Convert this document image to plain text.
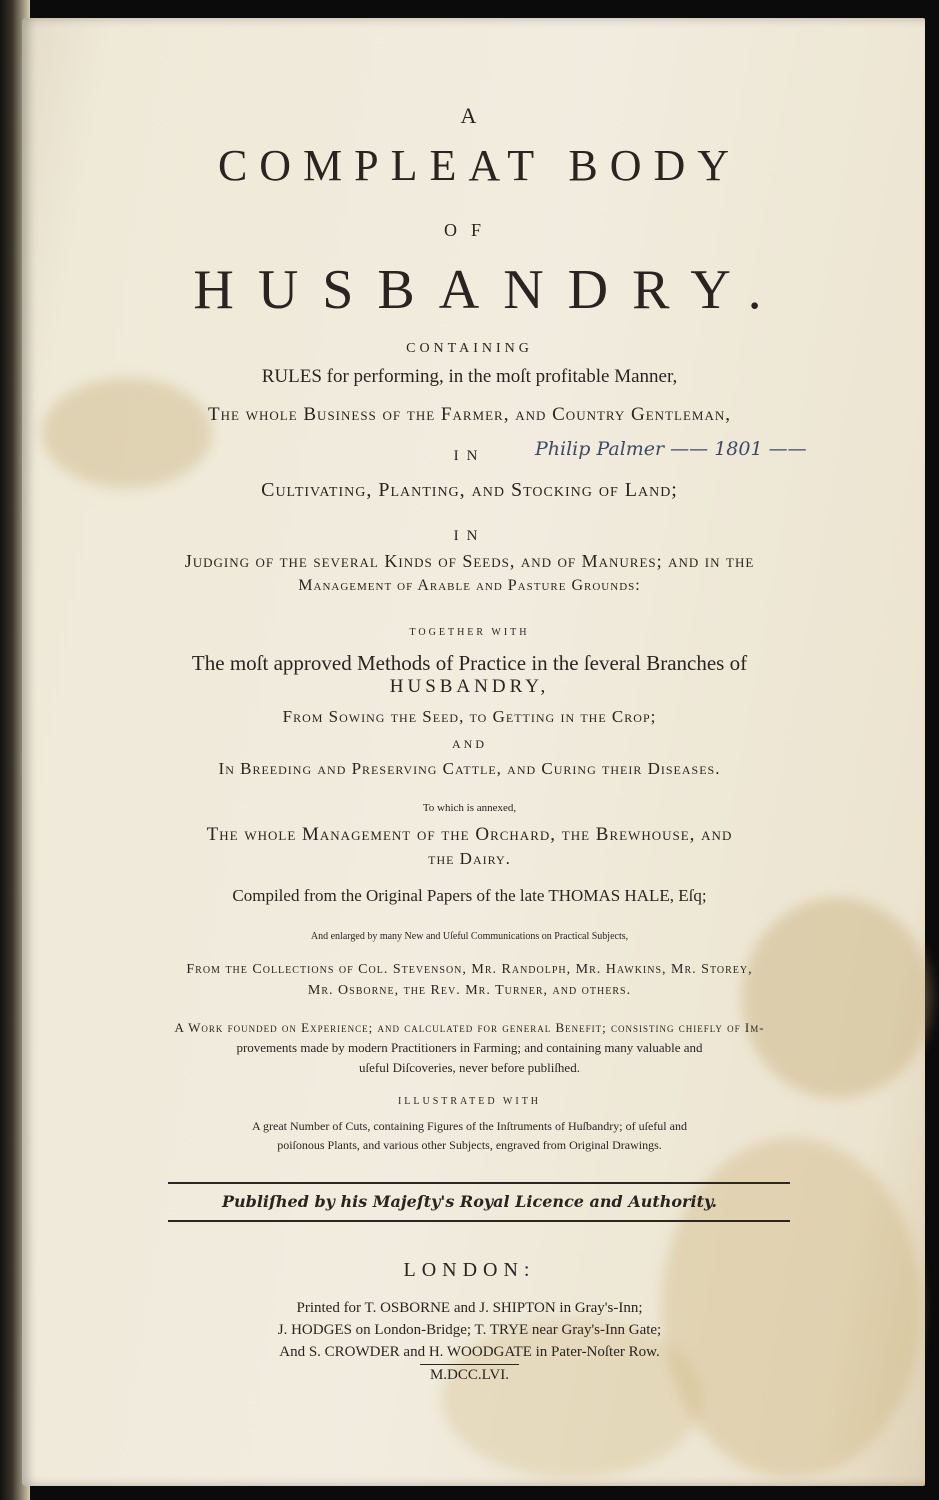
A
COMPLEAT BODY
OF
HUSBANDRY.
CONTAINING
RULES for performing, in the moſt profitable Manner,
The whole Buſineſs of the Farmer, and Country Gentleman,
IN	Philip Palmer —— 1801 ——
Cultivating, Planting, and Stocking of Land;
IN
Judging of the ſeveral Kinds of Seeds, and of Manures; and in the
Management of Arable and Paſture Grounds:
TOGETHER WITH
The moſt approved Methods of Practice in the ſeveral Branches of
HUSBANDRY,
From Sowing the Seed, to Getting in the Crop;
AND
In Breeding and Preſerving Cattle, and Curing their Diseases.
To which is annexed,
The whole Management of the Orchard, the Brewhouse, and
the Dairy.
Compiled from the Original Papers of the late THOMAS HALE, Eſq;
And enlarged by many New and Uſeful Communications on Practical Subjects,
From the Collections of Col. Stevenson, Mr. Randolph, Mr. Hawkins, Mr. Storey,
Mr. Osborne, the Rev. Mr. Turner, and others.
A Work founded on Experience; and calculated for general Benefit; conſiſting chiefly of Im-
provements made by modern Practitioners in Farming; and containing many valuable and
uſeful Diſcoveries, never before publiſhed.
ILLUSTRATED WITH
A great Number of Cuts, containing Figures of the Inſtruments of Huſbandry; of uſeful and
poiſonous Plants, and various other Subjects, engraved from Original Drawings.
Publiſhed by his Majeſty's Royal Licence and Authority.
LONDON:
Printed for T. OSBORNE and J. SHIPTON in Gray's-Inn;
J. HODGES on London-Bridge; T. TRYE near Gray's-Inn Gate;
And S. CROWDER and H. WOODGATE in Pater-Noſter Row.
M.DCC.LVI.
